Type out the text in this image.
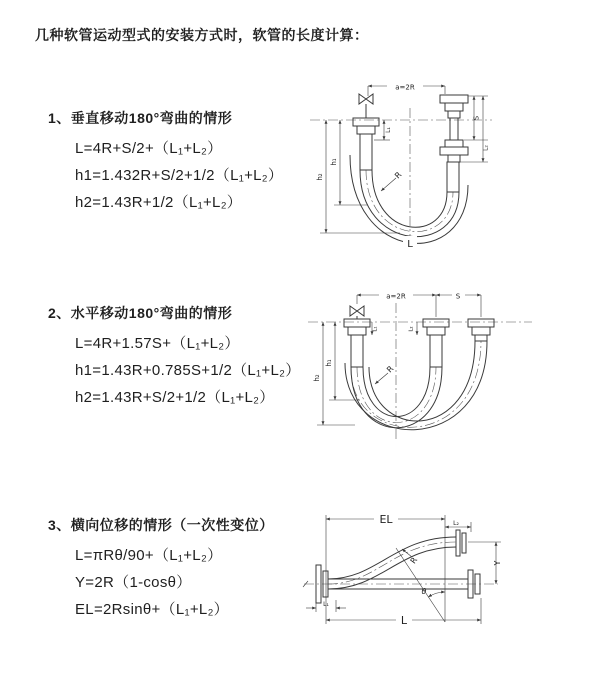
几种软管运动型式的安装方式时，软管的长度计算：
1、垂直移动180°弯曲的情形
L=4R+S/2+（L₁+L₂）
h1=1.432R+S/2+1/2（L₁+L₂）
h2=1.43R+1/2（L₁+L₂）
2、水平移动180°弯曲的情形
L=4R+1.57S+（L₁+L₂）
h1=1.43R+0.785S+1/2（L₁+L₂）
h2=1.43R+S/2+1/2（L₁+L₂）
3、横向位移的情形（一次性变位）
L=πRθ/90+（L₁+L₂）
Y=2R（1-cosθ）
EL=2Rsinθ+（L₁+L₂）
a=2R
S
L₂
L₁
h₁
h₂	R
L
a=2R	S
h₁
h₂
L₁	L₂
R
θ
R
EL	L₂
Y
L
L₁
